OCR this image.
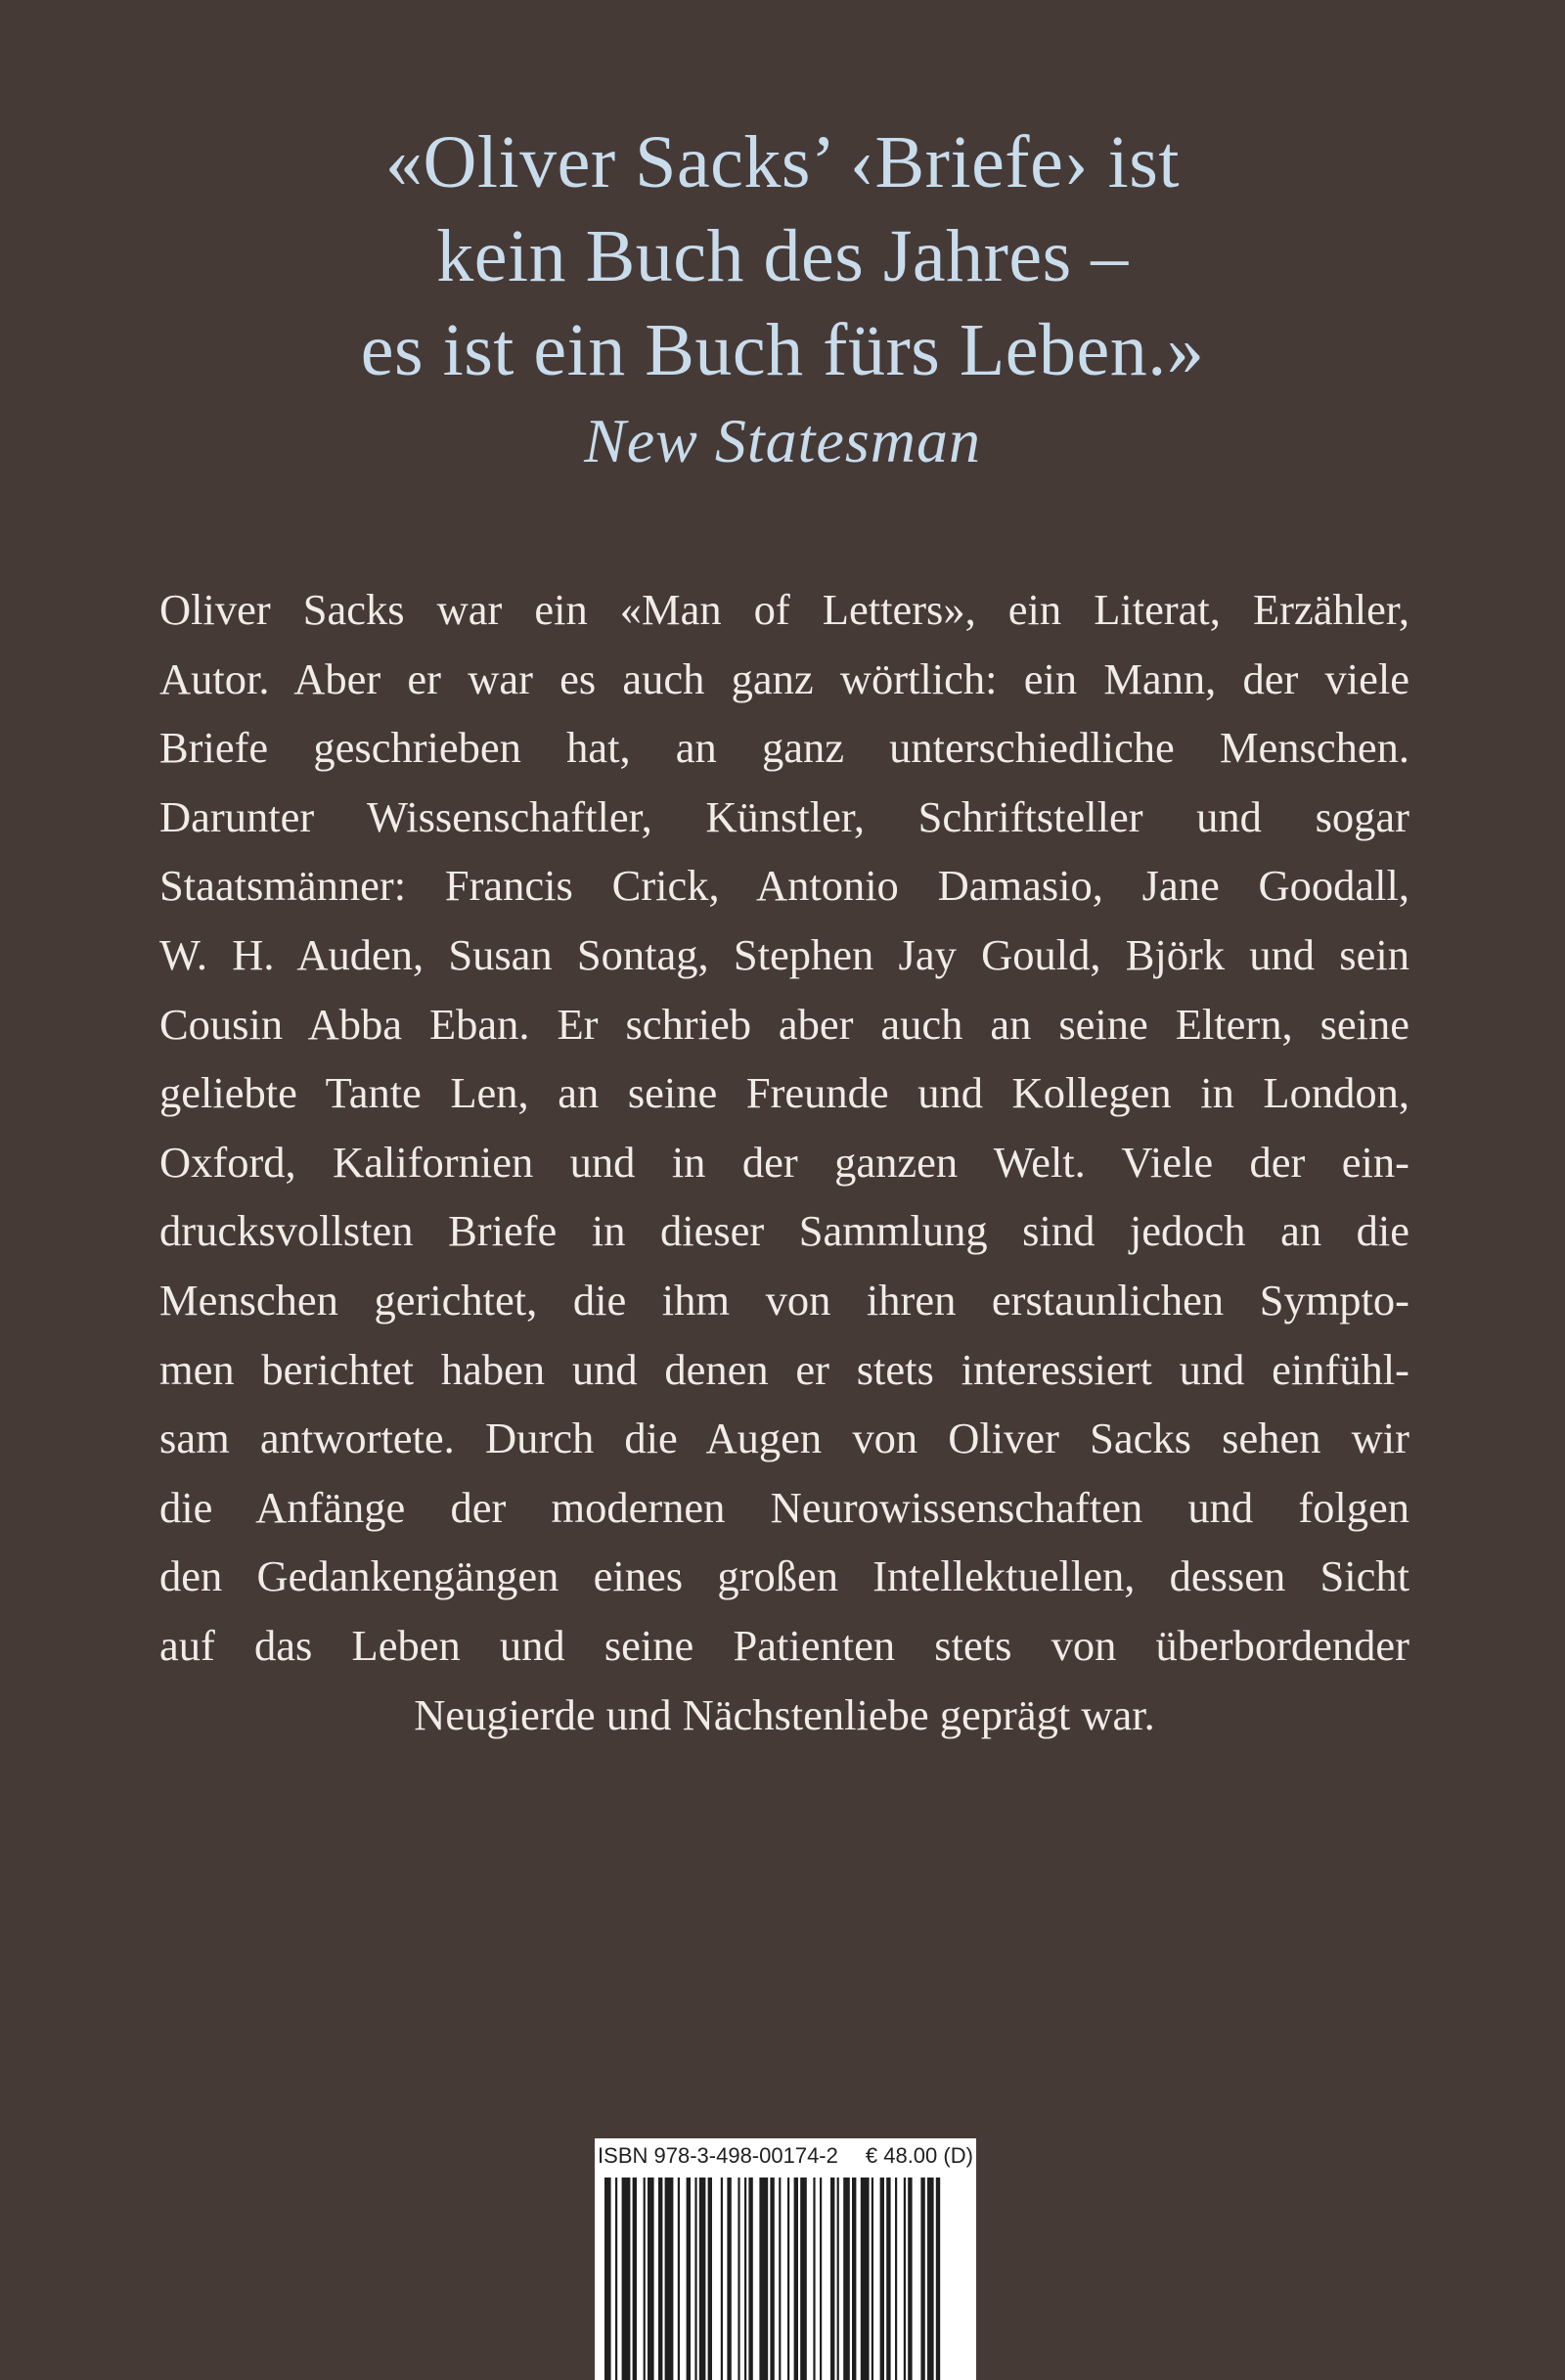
«Oliver Sacks’ ‹Briefe› ist
kein Buch des Jahres –
es ist ein Buch fürs Leben.»
New Statesman
Oliver Sacks war ein «Man of Letters», ein Literat, Erzähler,
Autor. Aber er war es auch ganz wörtlich: ein Mann, der viele
Briefe geschrieben hat, an ganz unterschiedliche Menschen.
Darunter Wissenschaftler, Künstler, Schriftsteller und sogar
Staatsmänner: Francis Crick, Antonio Damasio, Jane Goodall,
W. H. Auden, Susan Sontag, Stephen Jay Gould, Björk und sein
Cousin Abba Eban. Er schrieb aber auch an seine Eltern, seine
geliebte Tante Len, an seine Freunde und Kollegen in London,
Oxford, Kalifornien und in der ganzen Welt. Viele der ein-
drucksvollsten Briefe in dieser Sammlung sind jedoch an die
Menschen gerichtet, die ihm von ihren erstaunlichen Sympto-
men berichtet haben und denen er stets interessiert und einfühl-
sam antwortete. Durch die Augen von Oliver Sacks sehen wir
die Anfänge der modernen Neurowissenschaften und folgen
den Gedankengängen eines großen Intellektuellen, dessen Sicht
auf das Leben und seine Patienten stets von überbordender
Neugierde und Nächstenliebe geprägt war.
ISBN 978-3-498-00174-2 € 48.00 (D)
